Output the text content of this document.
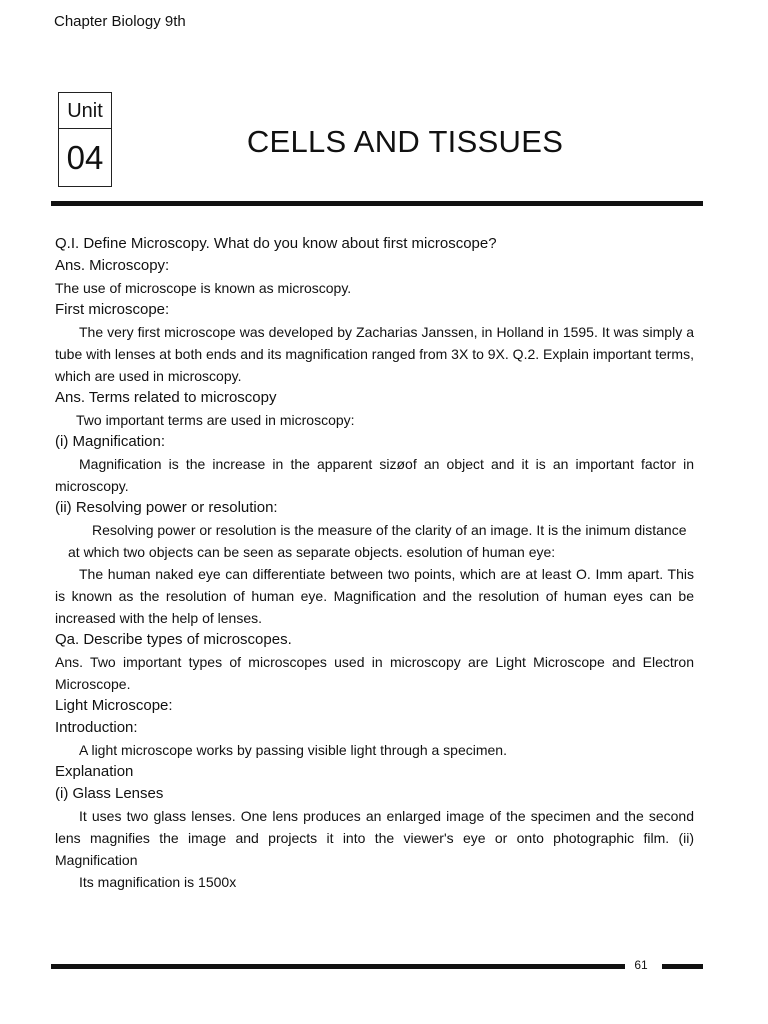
Chapter Biology 9th
Unit
04	CELLS AND TISSUES

Q.I. Define Microscopy. What do you know about first microscope?

Ans. Microscopy:

The use of microscope is known as microscopy.

First microscope:

The very first microscope was developed by Zacharias Janssen, in Holland in 1595. It was simply a tube with lenses at both ends and its magnification ranged from 3X to 9X. Q.2. Explain important terms, which are used in microscopy.

Ans. Terms related to microscopy

Two important terms are used in microscopy:

(i) Magnification:

Magnification is the increase in the apparent sizøof an object and it is an important factor in microscopy.

(ii) Resolving power or resolution:

Resolving power or resolution is the measure of the clarity of an image. It is the inimum distance at which two objects can be seen as separate objects. esolution of human eye:

The human naked eye can differentiate between two points, which are at least O. Imm apart. This is known as the resolution of human eye. Magnification and the resolution of human eyes can be increased with the help of lenses.

Qa. Describe types of microscopes.

Ans. Two important types of microscopes used in microscopy are Light Microscope and Electron Microscope.

Light Microscope:

Introduction:

A light microscope works by passing visible light through a specimen.

Explanation

(i) Glass Lenses

It uses two glass lenses. One lens produces an enlarged image of the specimen and the second lens magnifies the image and projects it into the viewer's eye or onto photographic film. (ii) Magnification

Its magnification is 1500x

61
